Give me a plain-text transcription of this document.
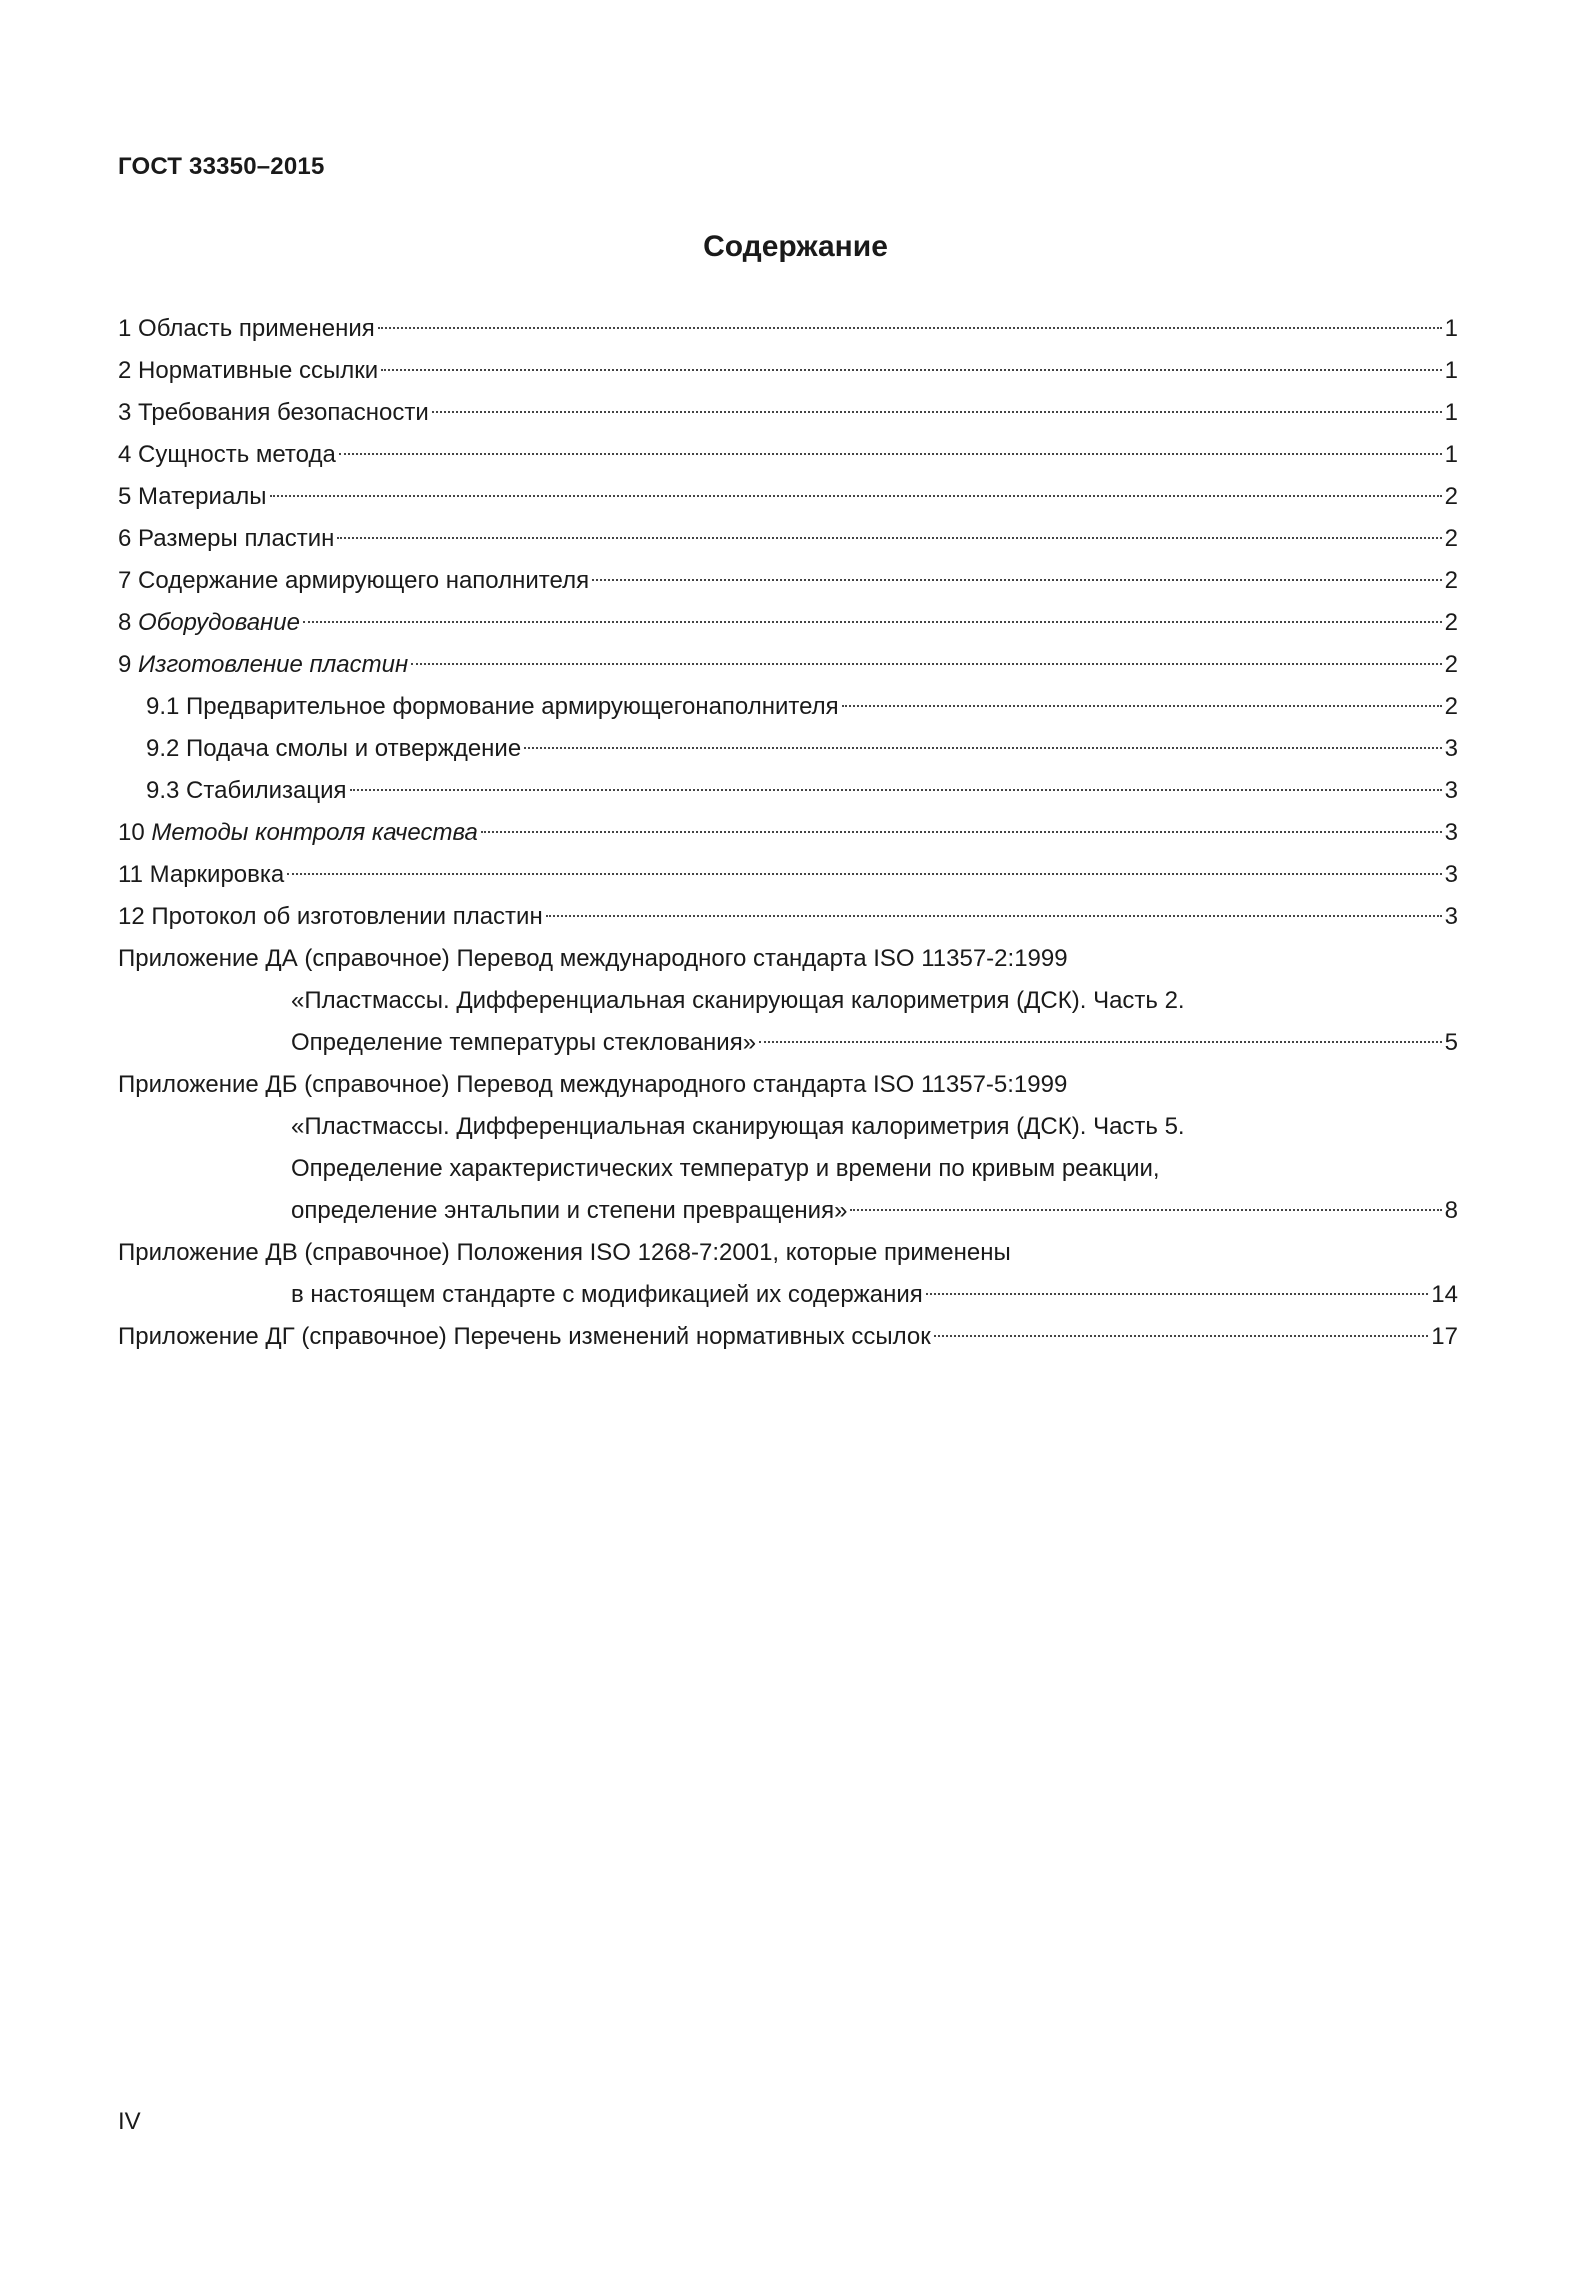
ГОСТ 33350–2015
Содержание
1 Область применения	1
2 Нормативные ссылки	1
3 Требования безопасности	1
4 Сущность метода	1
5 Материалы	2
6 Размеры пластин	2
7 Содержание армирующего наполнителя	2
8 Оборудование	2
9 Изготовление пластин	2
9.1 Предварительное формование армирующегонаполнителя	2
9.2 Подача смолы и отверждение	3
9.3 Стабилизация	3
10 Методы контроля качества	3
11 Маркировка	3
12 Протокол об изготовлении пластин	3
Приложение ДА (справочное) Перевод международного стандарта ISO 11357-2:1999
«Пластмассы. Дифференциальная сканирующая калориметрия (ДСК). Часть 2.
Определение температуры стеклования»	5
Приложение ДБ (справочное) Перевод международного стандарта ISO 11357-5:1999
«Пластмассы. Дифференциальная сканирующая калориметрия (ДСК). Часть 5.
Определение характеристических температур и времени по кривым реакции,
определение энтальпии и степени превращения»	8
Приложение ДВ (справочное) Положения ISO 1268-7:2001, которые применены
в настоящем стандарте с модификацией их содержания	14
Приложение ДГ (справочное) Перечень изменений нормативных ссылок	17
IV
